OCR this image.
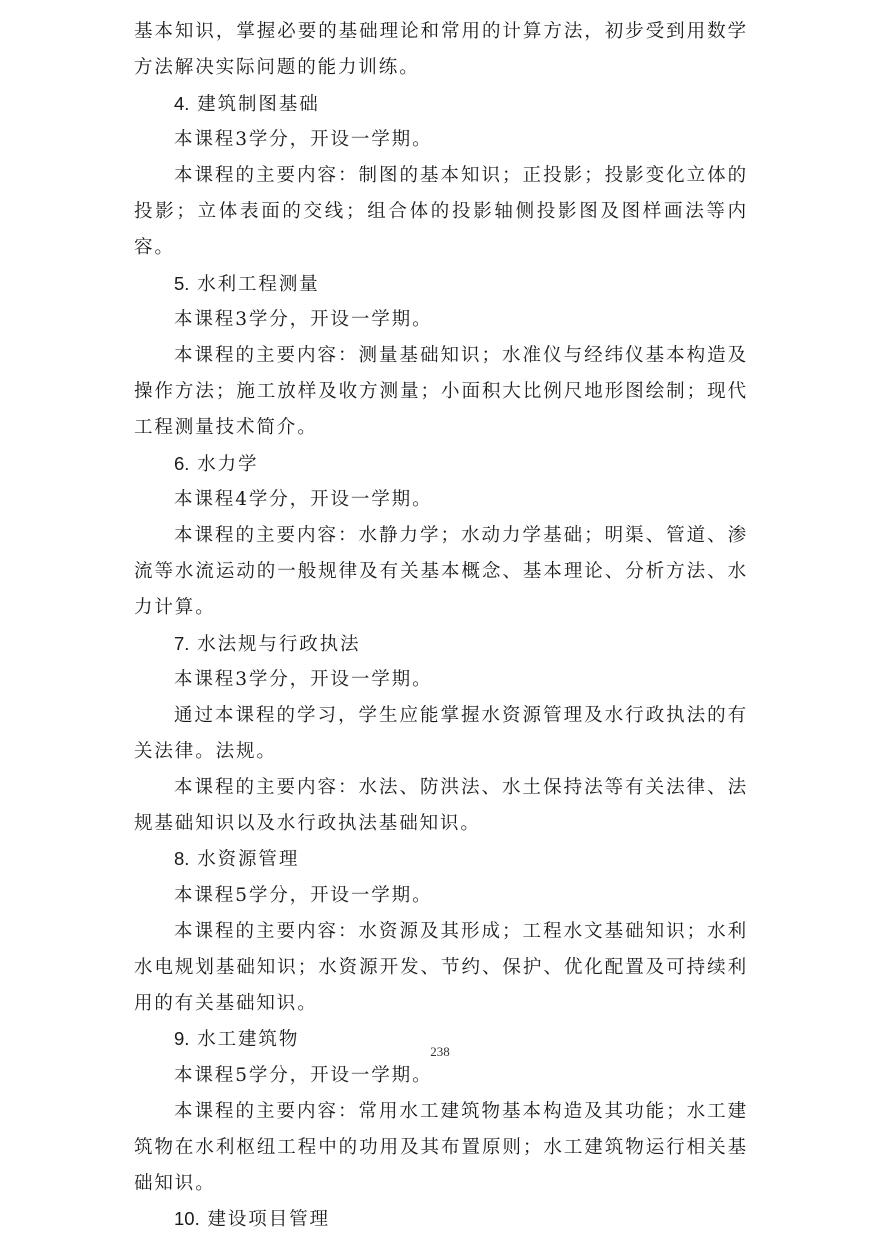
基本知识，掌握必要的基础理论和常用的计算方法，初步受到用数学方法解决实际问题的能力训练。

4. 建筑制图基础

本课程3学分，开设一学期。

本课程的主要内容：制图的基本知识；正投影；投影变化立体的投影；立体表面的交线；组合体的投影轴侧投影图及图样画法等内容。

5. 水利工程测量

本课程3学分，开设一学期。

本课程的主要内容：测量基础知识；水准仪与经纬仪基本构造及操作方法；施工放样及收方测量；小面积大比例尺地形图绘制；现代工程测量技术简介。

6. 水力学

本课程4学分，开设一学期。

本课程的主要内容：水静力学；水动力学基础；明渠、管道、渗流等水流运动的一般规律及有关基本概念、基本理论、分析方法、水力计算。

7. 水法规与行政执法

本课程3学分，开设一学期。

通过本课程的学习，学生应能掌握水资源管理及水行政执法的有关法律。法规。

本课程的主要内容：水法、防洪法、水土保持法等有关法律、法规基础知识以及水行政执法基础知识。

8. 水资源管理

本课程5学分，开设一学期。

本课程的主要内容：水资源及其形成；工程水文基础知识；水利水电规划基础知识；水资源开发、节约、保护、优化配置及可持续利用的有关基础知识。

9. 水工建筑物

本课程5学分，开设一学期。

本课程的主要内容：常用水工建筑物基本构造及其功能；水工建筑物在水利枢纽工程中的功用及其布置原则；水工建筑物运行相关基础知识。

10. 建设项目管理

238
